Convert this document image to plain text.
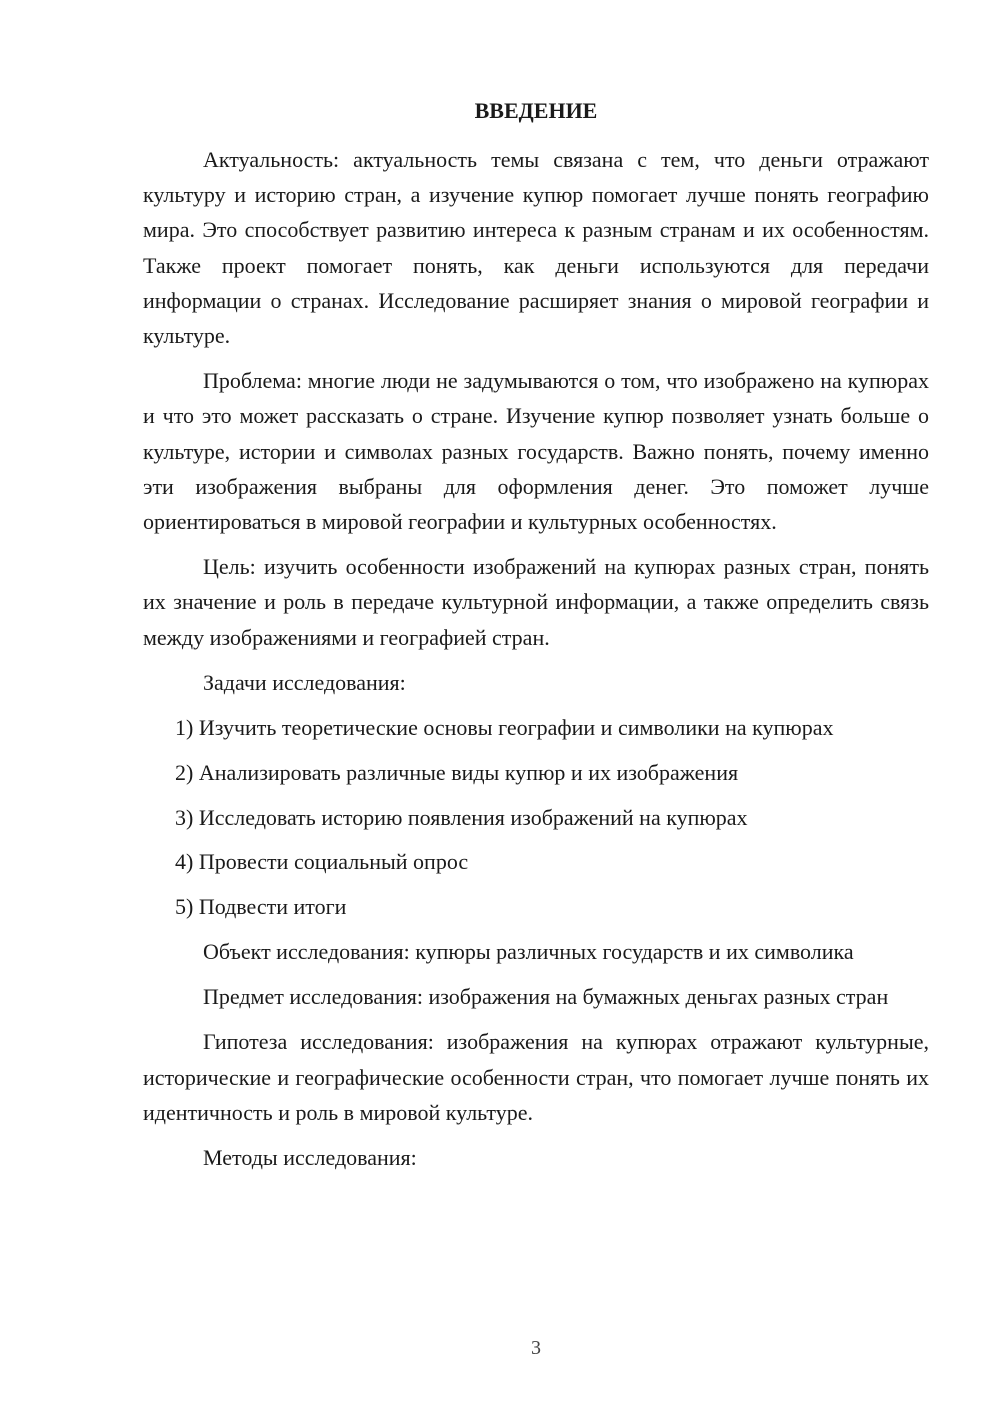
ВВЕДЕНИЕ

Актуальность: актуальность темы связана с тем, что деньги отражают культуру и историю стран, а изучение купюр помогает лучше понять географию мира. Это способствует развитию интереса к разным странам и их особенностям. Также проект помогает понять, как деньги используются для передачи информации о странах. Исследование расширяет знания о мировой географии и культуре.

Проблема: многие люди не задумываются о том, что изображено на купюрах и что это может рассказать о стране. Изучение купюр позволяет узнать больше о культуре, истории и символах разных государств. Важно понять, почему именно эти изображения выбраны для оформления денег. Это поможет лучше ориентироваться в мировой географии и культурных особенностях.

Цель: изучить особенности изображений на купюрах разных стран, понять их значение и роль в передаче культурной информации, а также определить связь между изображениями и географией стран.

Задачи исследования:

1) Изучить теоретические основы географии и символики на купюрах
2) Анализировать различные виды купюр и их изображения
3) Исследовать историю появления изображений на купюрах
4) Провести социальный опрос
5) Подвести итоги

Объект исследования: купюры различных государств и их символика

Предмет исследования: изображения на бумажных деньгах разных стран

Гипотеза исследования: изображения на купюрах отражают культурные, исторические и географические особенности стран, что помогает лучше понять их идентичность и роль в мировой культуре.

Методы исследования:

3
